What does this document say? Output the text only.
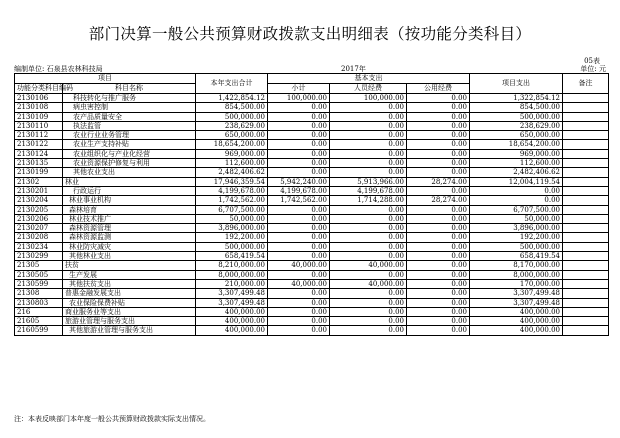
部门决算一般公共预算财政拨款支出明细表（按功能分类科目）
05表
编制单位: 石泉县农林科技局	2017年	单位: 元
项目		本年支出合计	基本支出			项目支出	备注
功能分类科目编码	科目名称		小计	人员经费	公用经费		
2130106	科技转化与推广服务	1,422,854.12	100,000.00	100,000.00	0.00	1,322,854.12	
2130108	病虫害控制	854,500.00	0.00	0.00	0.00	854,500.00	
2130109	农产品质量安全	500,000.00	0.00	0.00	0.00	500,000.00	
2130110	执法监管	238,629.00	0.00	0.00	0.00	238,629.00	
2130112	农业行业业务管理	650,000.00	0.00	0.00	0.00	650,000.00	
2130122	农业生产支持补贴	18,654,200.00	0.00	0.00	0.00	18,654,200.00	
2130124	农业组织化与产业化经营	969,000.00	0.00	0.00	0.00	969,000.00	
2130135	农业资源保护修复与利用	112,600.00	0.00	0.00	0.00	112,600.00	
2130199	其他农业支出	2,482,406.62	0.00	0.00	0.00	2,482,406.62	
21302	林业	17,946,359.54	5,942,240.00	5,913,966.00	28,274.00	12,004,119.54	
2130201	行政运行	4,199,678.00	4,199,678.00	4,199,678.00	0.00	0.00	
2130204	林业事业机构	1,742,562.00	1,742,562.00	1,714,288.00	28,274.00	0.00	
2130205	森林培育	6,707,500.00	0.00	0.00	0.00	6,707,500.00	
2130206	林业技术推广	50,000.00	0.00	0.00	0.00	50,000.00	
2130207	森林资源管理	3,896,000.00	0.00	0.00	0.00	3,896,000.00	
2130208	森林资源监测	192,200.00	0.00	0.00	0.00	192,200.00	
2130234	林业防灾减灾	500,000.00	0.00	0.00	0.00	500,000.00	
2130299	其他林业支出	658,419.54	0.00	0.00	0.00	658,419.54	
21305	扶贫	8,210,000.00	40,000.00	40,000.00	0.00	8,170,000.00	
2130505	生产发展	8,000,000.00	0.00	0.00	0.00	8,000,000.00	
2130599	其他扶贫支出	210,000.00	40,000.00	40,000.00	0.00	170,000.00	
21308	普惠金融发展支出	3,307,499.48	0.00	0.00	0.00	3,307,499.48	
2130803	农业保险保费补贴	3,307,499.48	0.00	0.00	0.00	3,307,499.48	
216	商业服务业等支出	400,000.00	0.00	0.00	0.00	400,000.00	
21605	旅游业管理与服务支出	400,000.00	0.00	0.00	0.00	400,000.00	
2160599	其他旅游业管理与服务支出	400,000.00	0.00	0.00	0.00	400,000.00	
注：本表反映部门本年度一般公共预算财政拨款实际支出情况。
